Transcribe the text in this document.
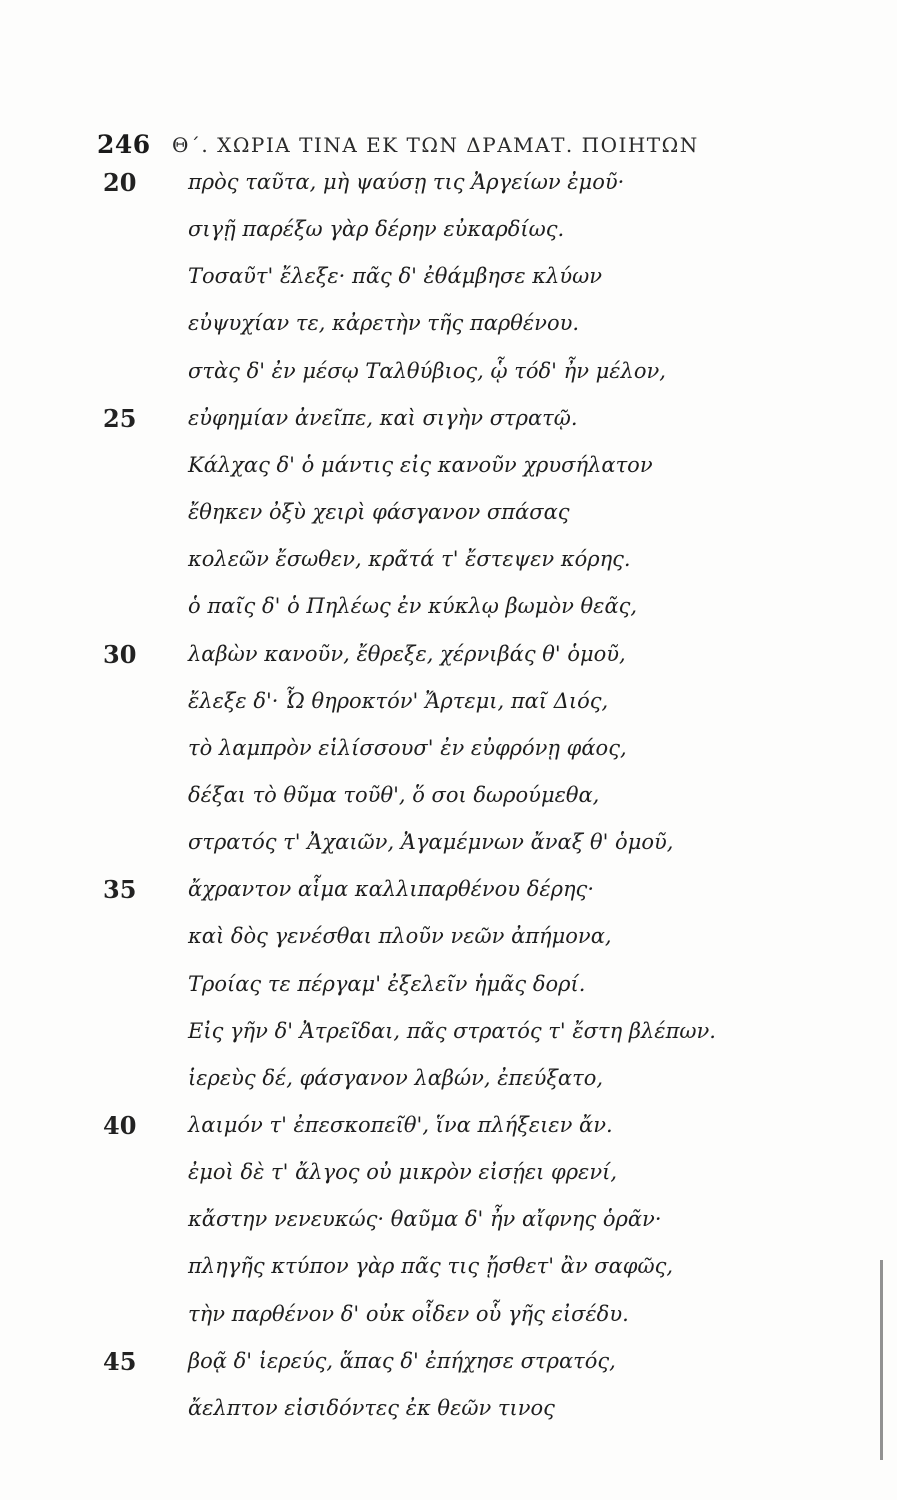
246 Θ΄. ΧΩΡΙΑ ΤΙΝΑ ΕΚ ΤΩΝ ΔΡΑΜΑΤ. ΠΟΙΗΤΩΝ
20	πρὸς ταῦτα, μὴ ψαύσῃ τις Ἀργείων ἐμοῦ·
σιγῇ παρέξω γὰρ δέρην εὐκαρδίως.
Τοσαῦτ' ἔλεξε· πᾶς δ' ἐθάμβησε κλύων
εὐψυχίαν τε, κἀρετὴν τῆς παρθένου.
στὰς δ' ἐν μέσῳ Ταλθύβιος, ᾧ τόδ' ἦν μέλον,
25	εὐφημίαν ἀνεῖπε, καὶ σιγὴν στρατῷ.
Κάλχας δ' ὁ μάντις εἰς κανοῦν χρυσήλατον
ἔθηκεν ὀξὺ χειρὶ φάσγανον σπάσας
κολεῶν ἔσωθεν, κρᾶτά τ' ἔστεψεν κόρης.
ὁ παῖς δ' ὁ Πηλέως ἐν κύκλῳ βωμὸν θεᾶς,
30	λαβὼν κανοῦν, ἔθρεξε, χέρνιβάς θ' ὁμοῦ,
ἔλεξε δ'· Ὦ θηροκτόν' Ἄρτεμι, παῖ Διός,
τὸ λαμπρὸν εἱλίσσουσ' ἐν εὐφρόνῃ φάος,
δέξαι τὸ θῦμα τοῦθ', ὅ σοι δωρούμεθα,
στρατός τ' Ἀχαιῶν, Ἀγαμέμνων ἄναξ θ' ὁμοῦ,
35	ἄχραντον αἷμα καλλιπαρθένου δέρης·
καὶ δὸς γενέσθαι πλοῦν νεῶν ἀπήμονα,
Τροίας τε πέργαμ' ἐξελεῖν ἡμᾶς δορί.
Εἰς γῆν δ' Ἀτρεῖδαι, πᾶς στρατός τ' ἔστη βλέπων.
ἱερεὺς δέ, φάσγανον λαβών, ἐπεύξατο,
40	λαιμόν τ' ἐπεσκοπεῖθ', ἵνα πλήξειεν ἄν.
ἐμοὶ δὲ τ' ἄλγος οὐ μικρὸν εἰσῄει φρενί,
κἄστην νενευκώς· θαῦμα δ' ἦν αἴφνης ὁρᾶν·
πληγῆς κτύπον γὰρ πᾶς τις ᾔσθετ' ἂν σαφῶς,
τὴν παρθένον δ' οὐκ οἶδεν οὗ γῆς εἰσέδυ.
45	βοᾷ δ' ἱερεύς, ἅπας δ' ἐπήχησε στρατός,
ἄελπτον εἰσιδόντες ἐκ θεῶν τινος
